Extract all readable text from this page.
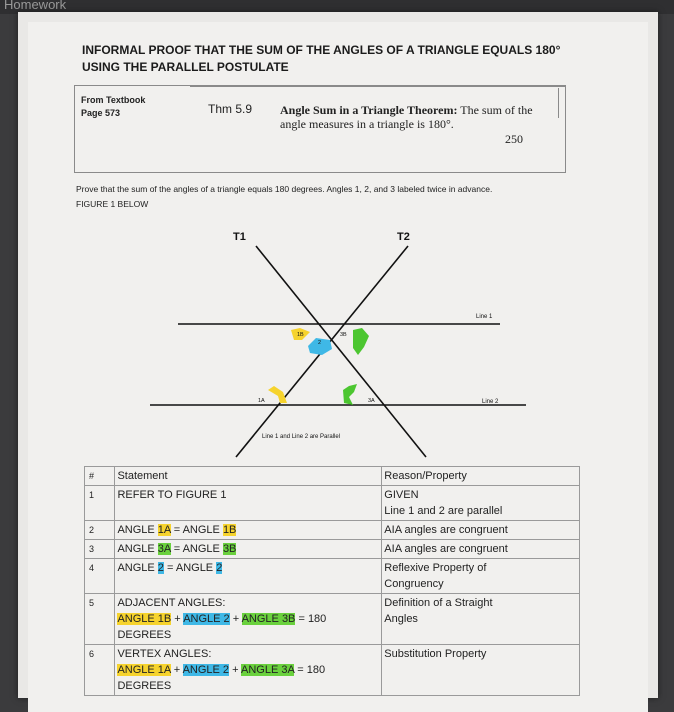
Homework
INFORMAL PROOF THAT THE SUM OF THE ANGLES OF A TRIANGLE EQUALS 180°
USING THE PARALLEL POSTULATE
From Textbook
Page 573	Thm 5.9 Angle Sum in a Triangle Theorem: The sum of the angle measures in a triangle is 180°.
250
Prove that the sum of the angles of a triangle equals 180 degrees. Angles 1, 2, and 3 labeled twice in advance.
FIGURE 1 BELOW
T1	T2
Line 1
Line 2
Line 1 and Line 2 are Parallel
1B
2
3B
1A	3A
#	Statement	Reason/Property
1	REFER TO FIGURE 1	GIVEN
Line 1 and 2 are parallel

2	ANGLE 1A = ANGLE 1B	AIA angles are congruent

3	ANGLE 3A = ANGLE 3B	AIA angles are congruent

4	ANGLE 2 = ANGLE 2	Reflexive Property of
Congruency

5	ADJACENT ANGLES:
ANGLE 1B + ANGLE 2 + ANGLE 3B = 180 DEGREES	Definition of a Straight
Angles

6	VERTEX ANGLES:
ANGLE 1A + ANGLE 2 + ANGLE 3A = 180 DEGREES	Substitution Property
